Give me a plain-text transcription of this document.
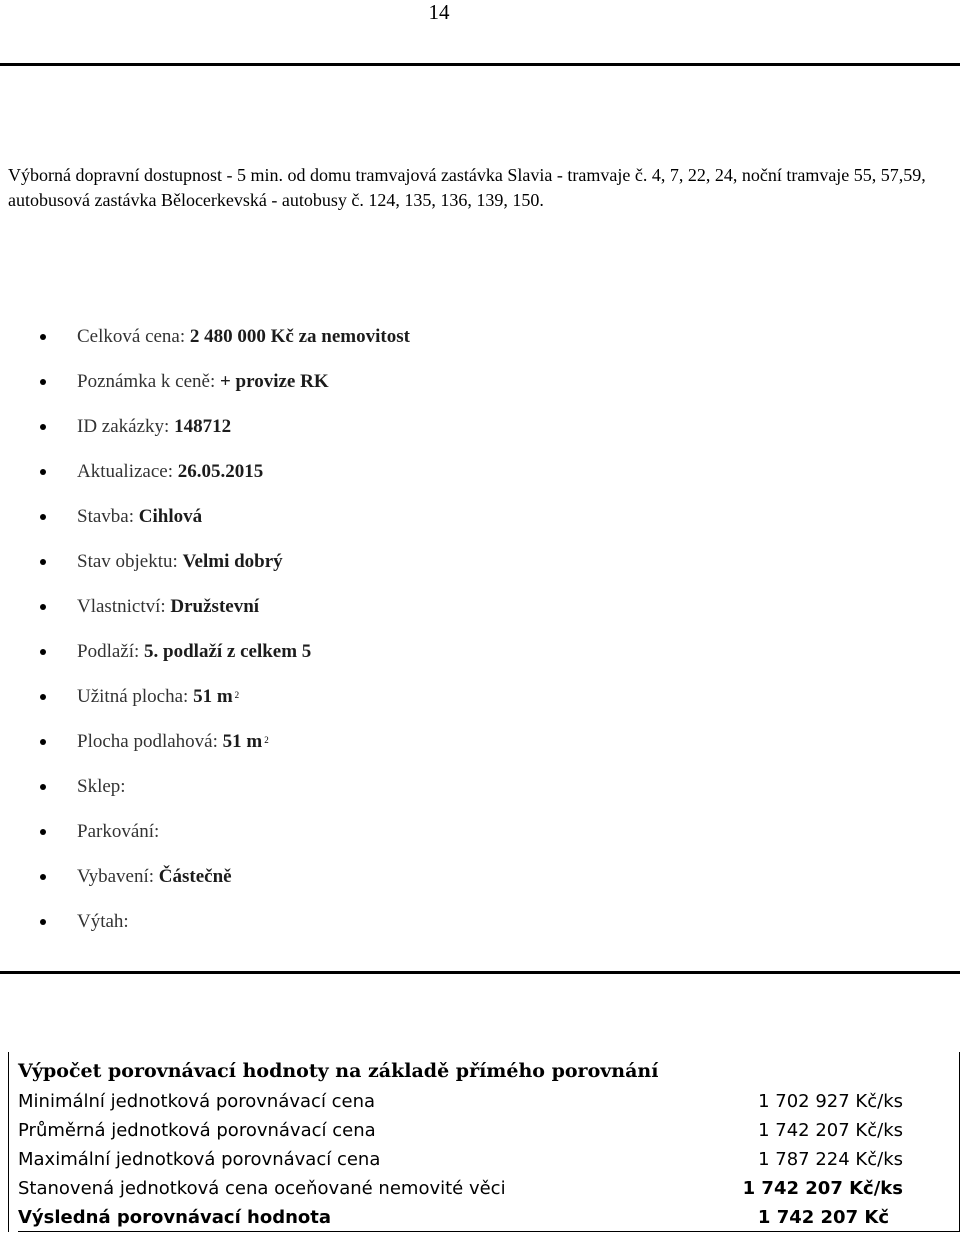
14
Výborná dopravní dostupnost - 5 min. od domu tramvajová zastávka Slavia - tramvaje č. 4, 7, 22, 24, noční tramvaje 55, 57,59, autobusová zastávka Bělocerkevská - autobusy č. 124, 135, 136, 139, 150.
Celková cena: 2 480 000 Kč za nemovitost
Poznámka k ceně: + provize RK
ID zakázky: 148712
Aktualizace: 26.05.2015
Stavba: Cihlová
Stav objektu: Velmi dobrý
Vlastnictví: Družstevní
Podlaží: 5. podlaží z celkem 5
Užitná plocha: 51 m $^2$
Plocha podlahová: 51 m $^2$
Sklep:
Parkování:
Vybavení: Částečně
Výtah:
Výpočet porovnávací hodnoty na základě přímého porovnání
Minimální jednotková porovnávací cena	1 702 927 Kč/ks
Průměrná jednotková porovnávací cena	1 742 207 Kč/ks
Maximální jednotková porovnávací cena	1 787 224 Kč/ks
Stanovená jednotková cena oceňované nemovité věci	1 742 207 Kč/ks
Výsledná porovnávací hodnota	1 742 207 Kč
